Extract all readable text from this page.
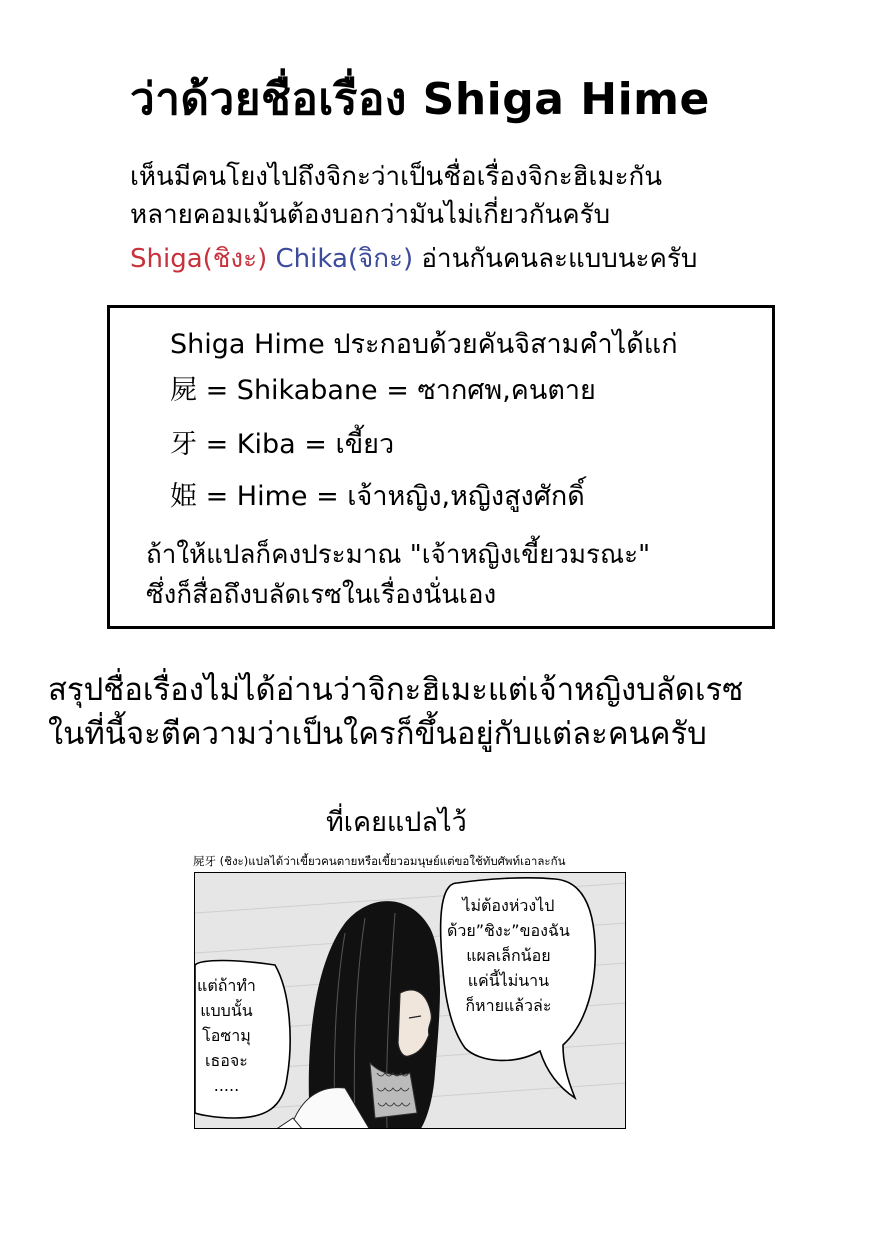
ว่าด้วยชื่อเรื่อง Shiga Hime
เห็นมีคนโยงไปถึงจิกะว่าเป็นชื่อเรื่องจิกะฮิเมะกัน
หลายคอมเม้นต้องบอกว่ามันไม่เกี่ยวกันครับ
Shiga(ชิงะ) Chika(จิกะ) อ่านกันคนละแบบนะครับ
Shiga Hime ประกอบด้วยคันจิสามคำได้แก่
屍 = Shikabane = ซากศพ,คนตาย
牙 = Kiba = เขี้ยว
姫 = Hime = เจ้าหญิง,หญิงสูงศักดิ์
ถ้าให้แปลก็คงประมาณ "เจ้าหญิงเขี้ยวมรณะ"
ซึ่งก็สื่อถึงบลัดเรซในเรื่องนั่นเอง
สรุปชื่อเรื่องไม่ได้อ่านว่าจิกะฮิเมะแต่เจ้าหญิงบลัดเรซ
ในที่นี้จะตีความว่าเป็นใครก็ขึ้นอยู่กับแต่ละคนครับ
ที่เคยแปลไว้
屍牙 (ชิงะ)แปลได้ว่าเขี้ยวคนตายหรือเขี้ยวอมนุษย์แต่ขอใช้ทับศัพท์เอาละกัน
ไม่ต้องห่วงไป
ด้วย”ชิงะ”ของฉัน
แผลเล็กน้อย
แค่นี้ไม่นาน
ก็หายแล้วล่ะ
แต่ถ้าทำ
แบบนั้น
โอซามุ
เธอจะ
.....
